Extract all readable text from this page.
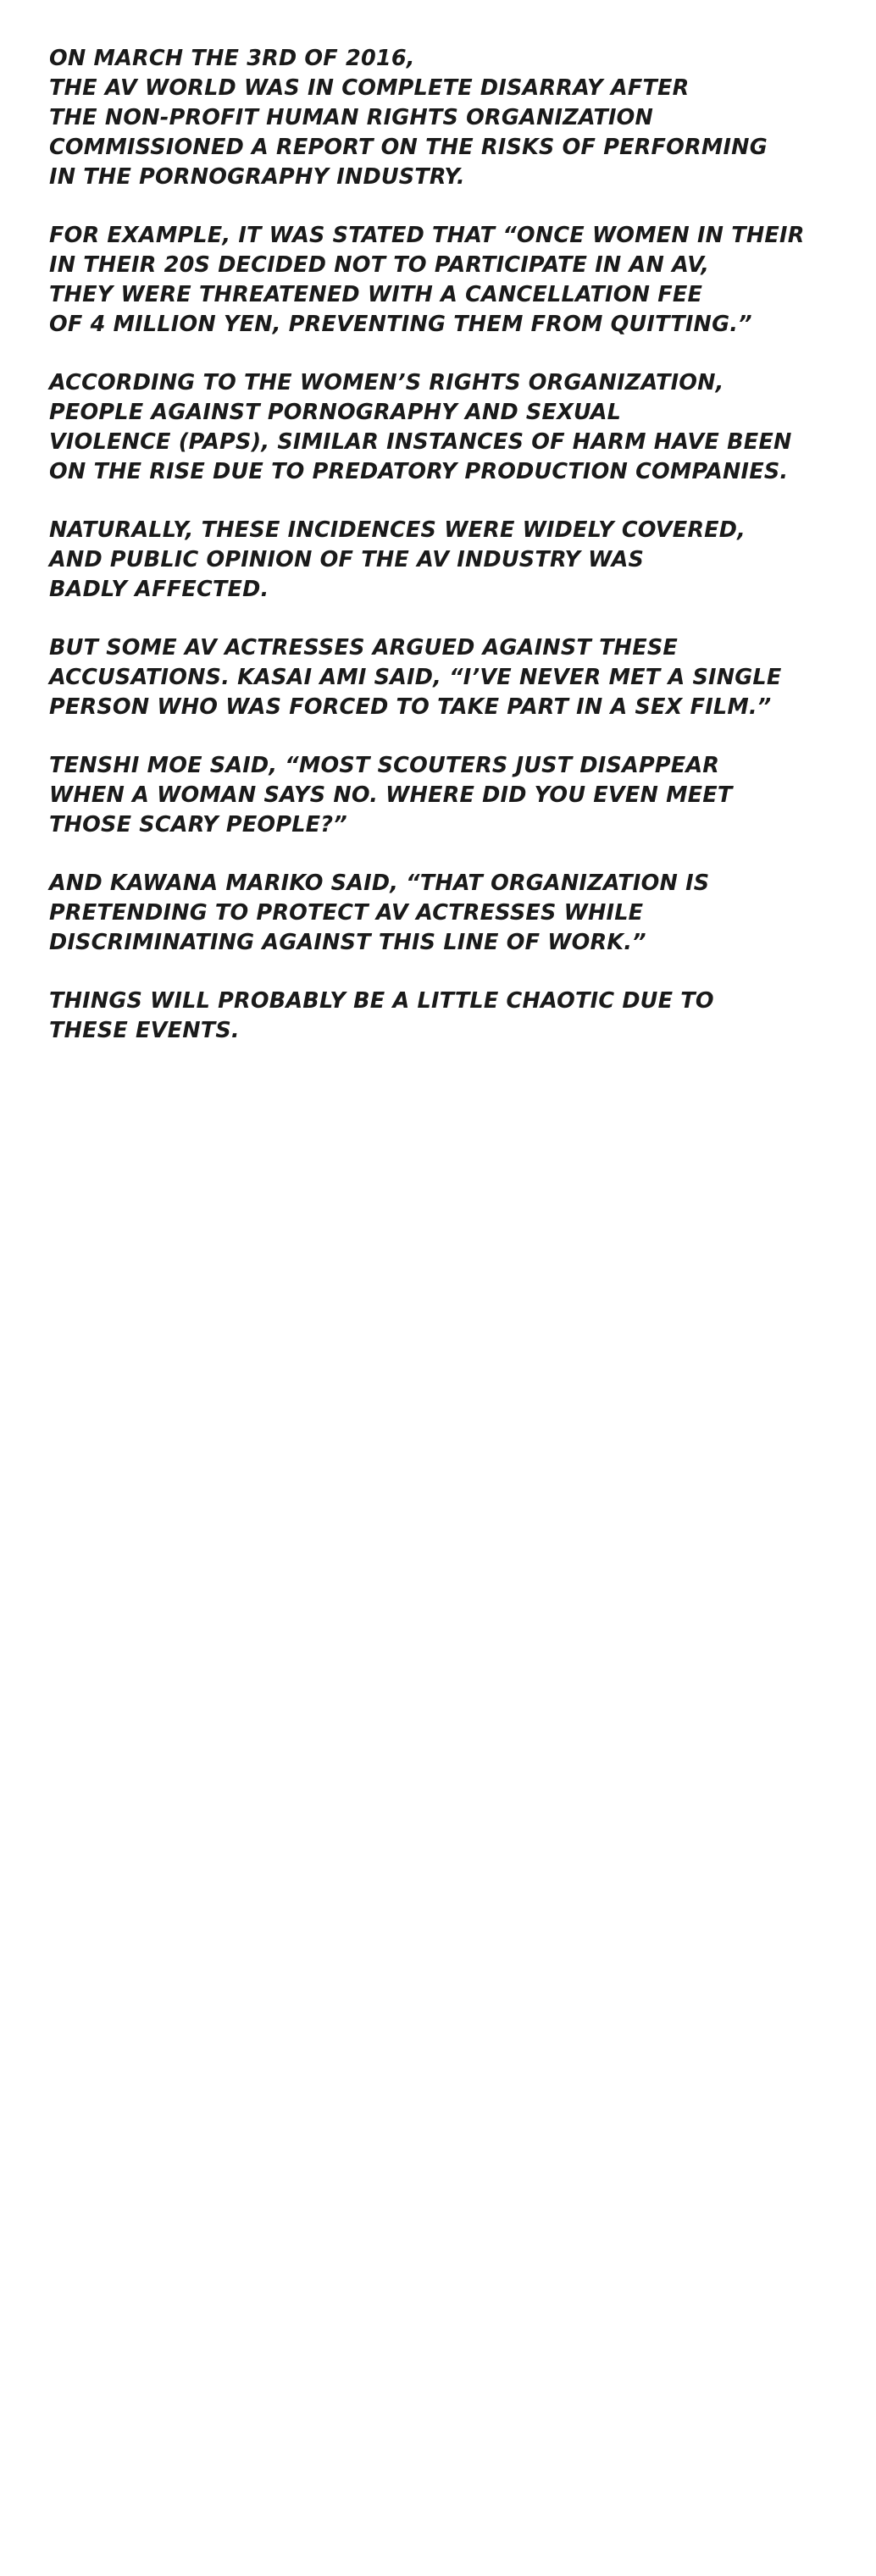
ON MARCH THE 3RD OF 2016,
THE AV WORLD WAS IN COMPLETE DISARRAY AFTER
THE NON-PROFIT HUMAN RIGHTS ORGANIZATION
COMMISSIONED A REPORT ON THE RISKS OF PERFORMING
IN THE PORNOGRAPHY INDUSTRY.
FOR EXAMPLE, IT WAS STATED THAT “ONCE WOMEN IN THEIR
IN THEIR 20S DECIDED NOT TO PARTICIPATE IN AN AV,
THEY WERE THREATENED WITH A CANCELLATION FEE
OF 4 MILLION YEN, PREVENTING THEM FROM QUITTING.”
ACCORDING TO THE WOMEN’S RIGHTS ORGANIZATION,
PEOPLE AGAINST PORNOGRAPHY AND SEXUAL
VIOLENCE (PAPS), SIMILAR INSTANCES OF HARM HAVE BEEN
ON THE RISE DUE TO PREDATORY PRODUCTION COMPANIES.
NATURALLY, THESE INCIDENCES WERE WIDELY COVERED,
AND PUBLIC OPINION OF THE AV INDUSTRY WAS
BADLY AFFECTED.
BUT SOME AV ACTRESSES ARGUED AGAINST THESE
ACCUSATIONS. KASAI AMI SAID, “I’VE NEVER MET A SINGLE
PERSON WHO WAS FORCED TO TAKE PART IN A SEX FILM.”
TENSHI MOE SAID, “MOST SCOUTERS JUST DISAPPEAR
WHEN A WOMAN SAYS NO. WHERE DID YOU EVEN MEET
THOSE SCARY PEOPLE?”
AND KAWANA MARIKO SAID, “THAT ORGANIZATION IS
PRETENDING TO PROTECT AV ACTRESSES WHILE
DISCRIMINATING AGAINST THIS LINE OF WORK.”
THINGS WILL PROBABLY BE A LITTLE CHAOTIC DUE TO
THESE EVENTS.
